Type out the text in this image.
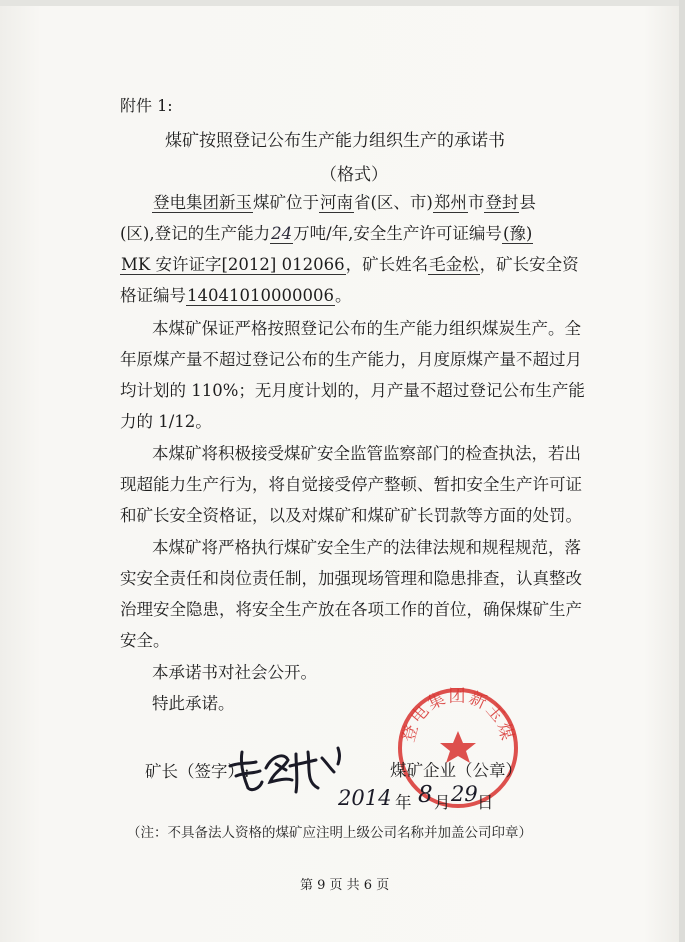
附件 1:
煤矿按照登记公布生产能力组织生产的承诺书
（格式）
登电集团新玉煤矿位于河南省(区、市)郑州市登封县
(区),登记的生产能力24万吨/年,安全生产许可证编号(豫)
MK 安许证字[2012] 012066，矿长姓名毛金松，矿长安全资
格证编号14041010000006。
本煤矿保证严格按照登记公布的生产能力组织煤炭生产。全
年原煤产量不超过登记公布的生产能力，月度原煤产量不超过月
均计划的 110%；无月度计划的，月产量不超过登记公布生产能
力的 1/12。
本煤矿将积极接受煤矿安全监管监察部门的检查执法，若出
现超能力生产行为，将自觉接受停产整顿、暂扣安全生产许可证
和矿长安全资格证，以及对煤矿和煤矿矿长罚款等方面的处罚。
本煤矿将严格执行煤矿安全生产的法律法规和规程规范，落
实安全责任和岗位责任制，加强现场管理和隐患排查，认真整改
治理安全隐患，将安全生产放在各项工作的首位，确保煤矿生产
安全。
本承诺书对社会公开。
特此承诺。
登电集团新玉煤
矿长（签字）:	煤矿企业（公章）
2014 年 8 月 29 日
（注：不具备法人资格的煤矿应注明上级公司名称并加盖公司印章）
第 9 页 共 6 页
